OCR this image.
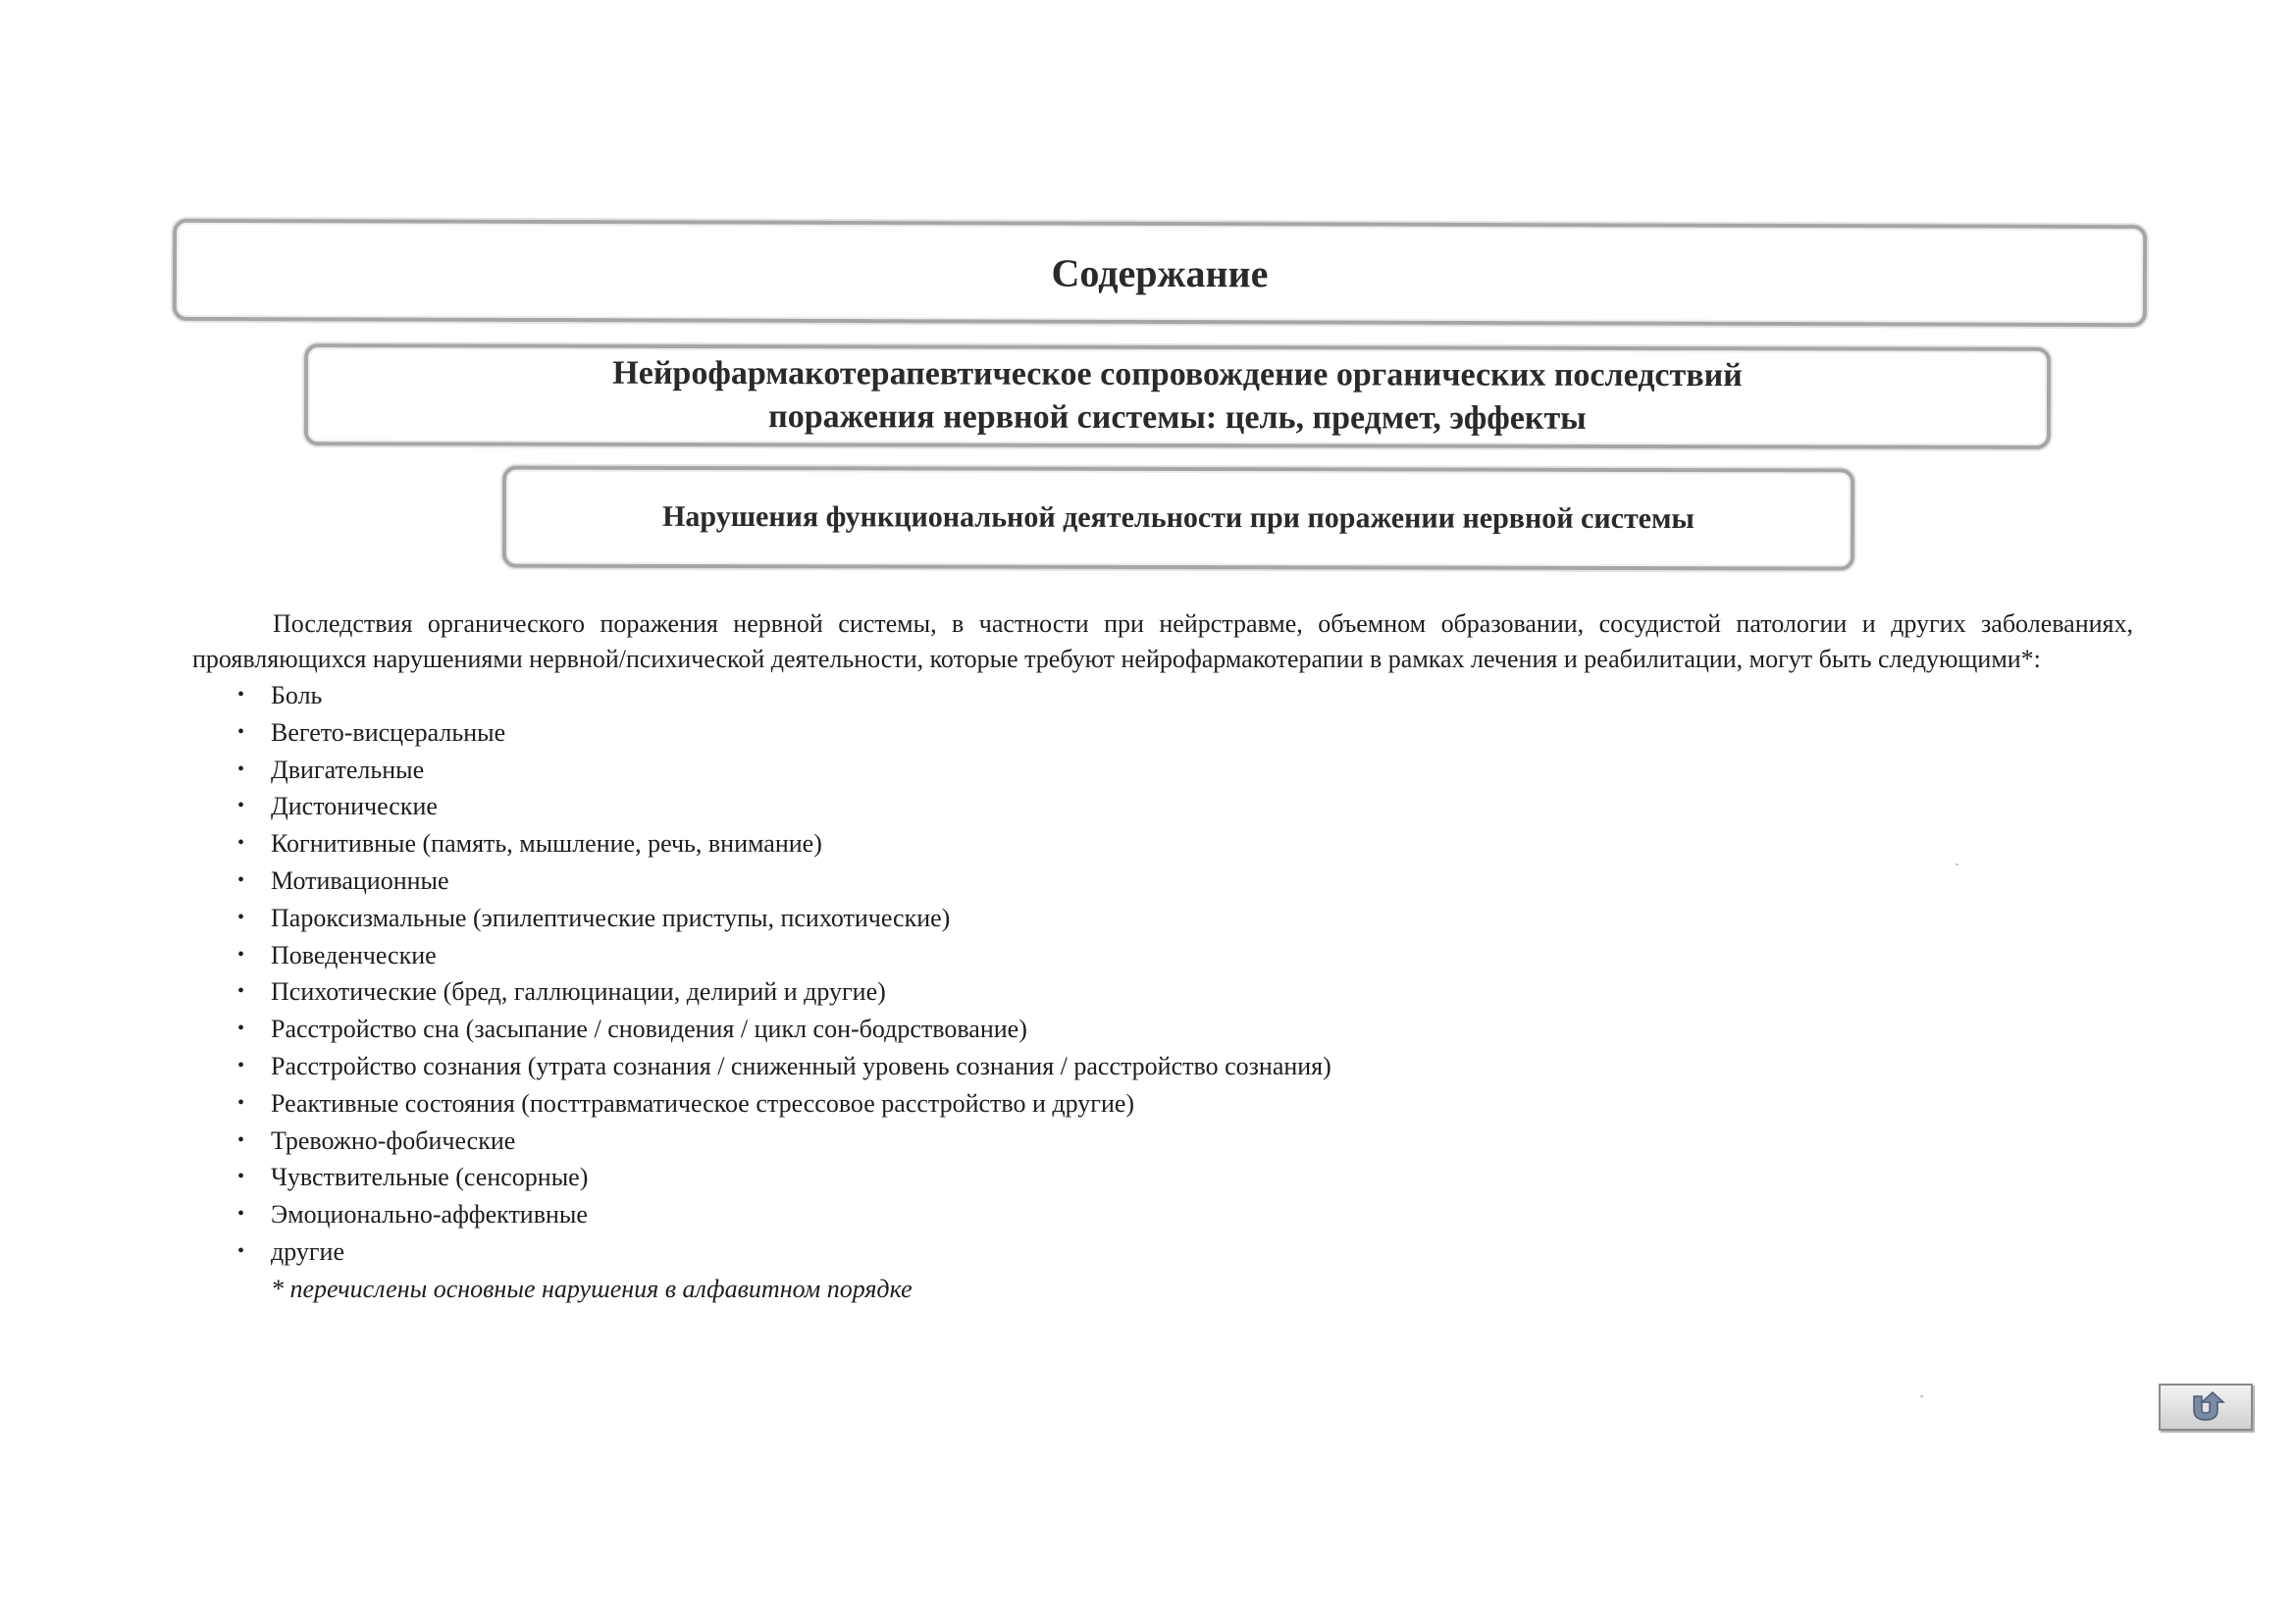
Содержание
Нейрофармакотерапевтическое сопровождение органических последствий
поражения нервной системы: цель, предмет, эффекты
Нарушения функциональной деятельности при поражении нервной системы

Последствия органического поражения нервной системы, в частности при нейрстравме, объемном образовании, сосудистой патологии и других заболеваниях, проявляющихся нарушениями нервной/психической деятельности, которые требуют нейрофармакотерапии в рамках лечения и реабилитации, могут быть следующими*:

• Боль
• Вегето-висцеральные
• Двигательные
• Дистонические
• Когнитивные (память, мышление, речь, внимание)
• Мотивационные
• Пароксизмальные (эпилептические приступы, психотические)
• Поведенческие
• Психотические (бред, галлюцинации, делирий и другие)
• Расстройство сна (засыпание / сновидения / цикл сон-бодрствование)
• Расстройство сознания (утрата сознания / сниженный уровень сознания / расстройство сознания)
• Реактивные состояния (посттравматическое стрессовое расстройство и другие)
• Тревожно-фобические
• Чувствительные (сенсорные)
• Эмоционально-аффективные
• другие

* перечислены основные нарушения в алфавитном порядке
